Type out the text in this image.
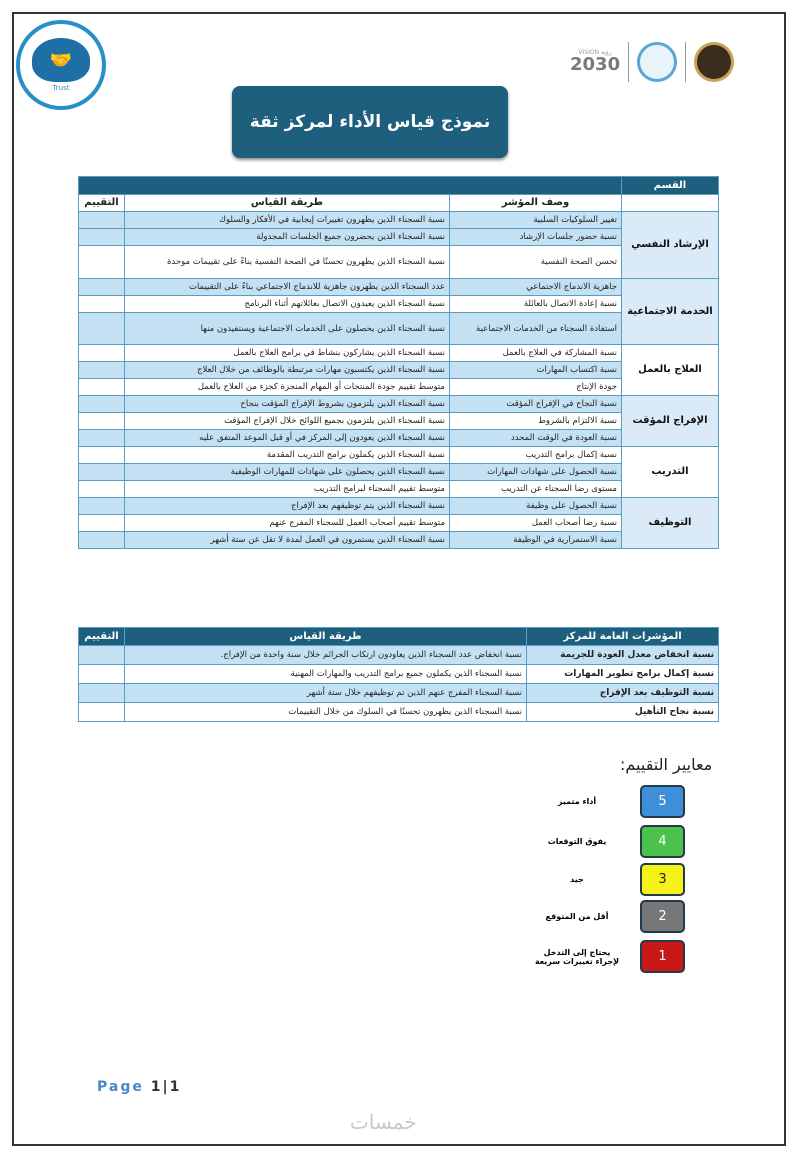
🤝
Trust
VISION رؤية
2030
نموذج قياس الأداء لمركز ثقة
القسم			
	وصف المؤشر	طريقة القياس	التقييم
الإرشاد النفسي	تغيير السلوكيات السلبية	نسبة السجناء الذين يظهرون تغييرات إيجابية في الأفكار والسلوك	
	نسبة حضور جلسات الإرشاد	نسبة السجناء الذين يحضرون جميع الجلسات المجدولة	
	تحسن الصحة النفسية	نسبة السجناء الذين يظهرون تحسنًا في الصحة النفسية بناءً على تقييمات موحدة	
الخدمة الاجتماعية	جاهزية الاندماج الاجتماعي	عدد السجناء الذين يظهرون جاهزية للاندماج الاجتماعي بناءً على التقييمات	
	نسبة إعادة الاتصال بالعائلة	نسبة السجناء الذين يعيدون الاتصال بعائلاتهم أثناء البرنامج	
	استفادة السجناء من الخدمات الاجتماعية	نسبة السجناء الذين يحصلون على الخدمات الاجتماعية ويستفيدون منها	
العلاج بالعمل	نسبة المشاركة في العلاج بالعمل	نسبة السجناء الذين يشاركون بنشاط في برامج العلاج بالعمل	
	نسبة اكتساب المهارات	نسبة السجناء الذين يكتسبون مهارات مرتبطة بالوظائف من خلال العلاج	
	جودة الإنتاج	متوسط تقييم جودة المنتجات أو المهام المنجزة كجزء من العلاج بالعمل	
الإفراج المؤقت	نسبة النجاح في الإفراج المؤقت	نسبة السجناء الذين يلتزمون بشروط الإفراج المؤقت بنجاح	
	نسبة الالتزام بالشروط	نسبة السجناء الذين يلتزمون بجميع اللوائح خلال الإفراج المؤقت	
	نسبة العودة في الوقت المحدد	نسبة السجناء الذين يعودون إلى المركز في أو قبل الموعد المتفق عليه	
التدريب	نسبة إكمال برامج التدريب	نسبة السجناء الذين يكملون برامج التدريب المقدمة	
	نسبة الحصول على شهادات المهارات	نسبة السجناء الذين يحصلون على شهادات للمهارات الوظيفية	
	مستوى رضا السجناء عن التدريب	متوسط تقييم السجناء لبرامج التدريب	
التوظيف	نسبة الحصول على وظيفة	نسبة السجناء الذين يتم توظيفهم بعد الإفراج	
	نسبة رضا أصحاب العمل	متوسط تقييم أصحاب العمل للسجناء المفرج عنهم	
	نسبة الاستمرارية في الوظيفة	نسبة السجناء الذين يستمرون في العمل لمدة لا تقل عن ستة أشهر	
المؤشرات العامة للمركز	طريقة القياس	التقييم
نسبة انخفاض معدل العودة للجريمة	نسبة انخفاض عدد السجناء الذين يعاودون ارتكاب الجرائم خلال سنة واحدة من الإفراج.	
نسبة إكمال برامج تطوير المهارات	نسبة السجناء الذين يكملون جميع برامج التدريب والمهارات المهنية	
نسبة التوظيف بعد الإفراج	نسبة السجناء المفرج عنهم الذين تم توظيفهم خلال ستة أشهر	
نسبة نجاح التأهيل	نسبة السجناء الذين يظهرون تحسنًا في السلوك من خلال التقييمات	
معايير التقييم:
أداء متميز	5
يفوق التوقعات	4
جيد	3
أقل من المتوقع	2
يحتاج إلى التدخل لإجراء تغييرات سريعة	1
Page 1|1
خمسات
